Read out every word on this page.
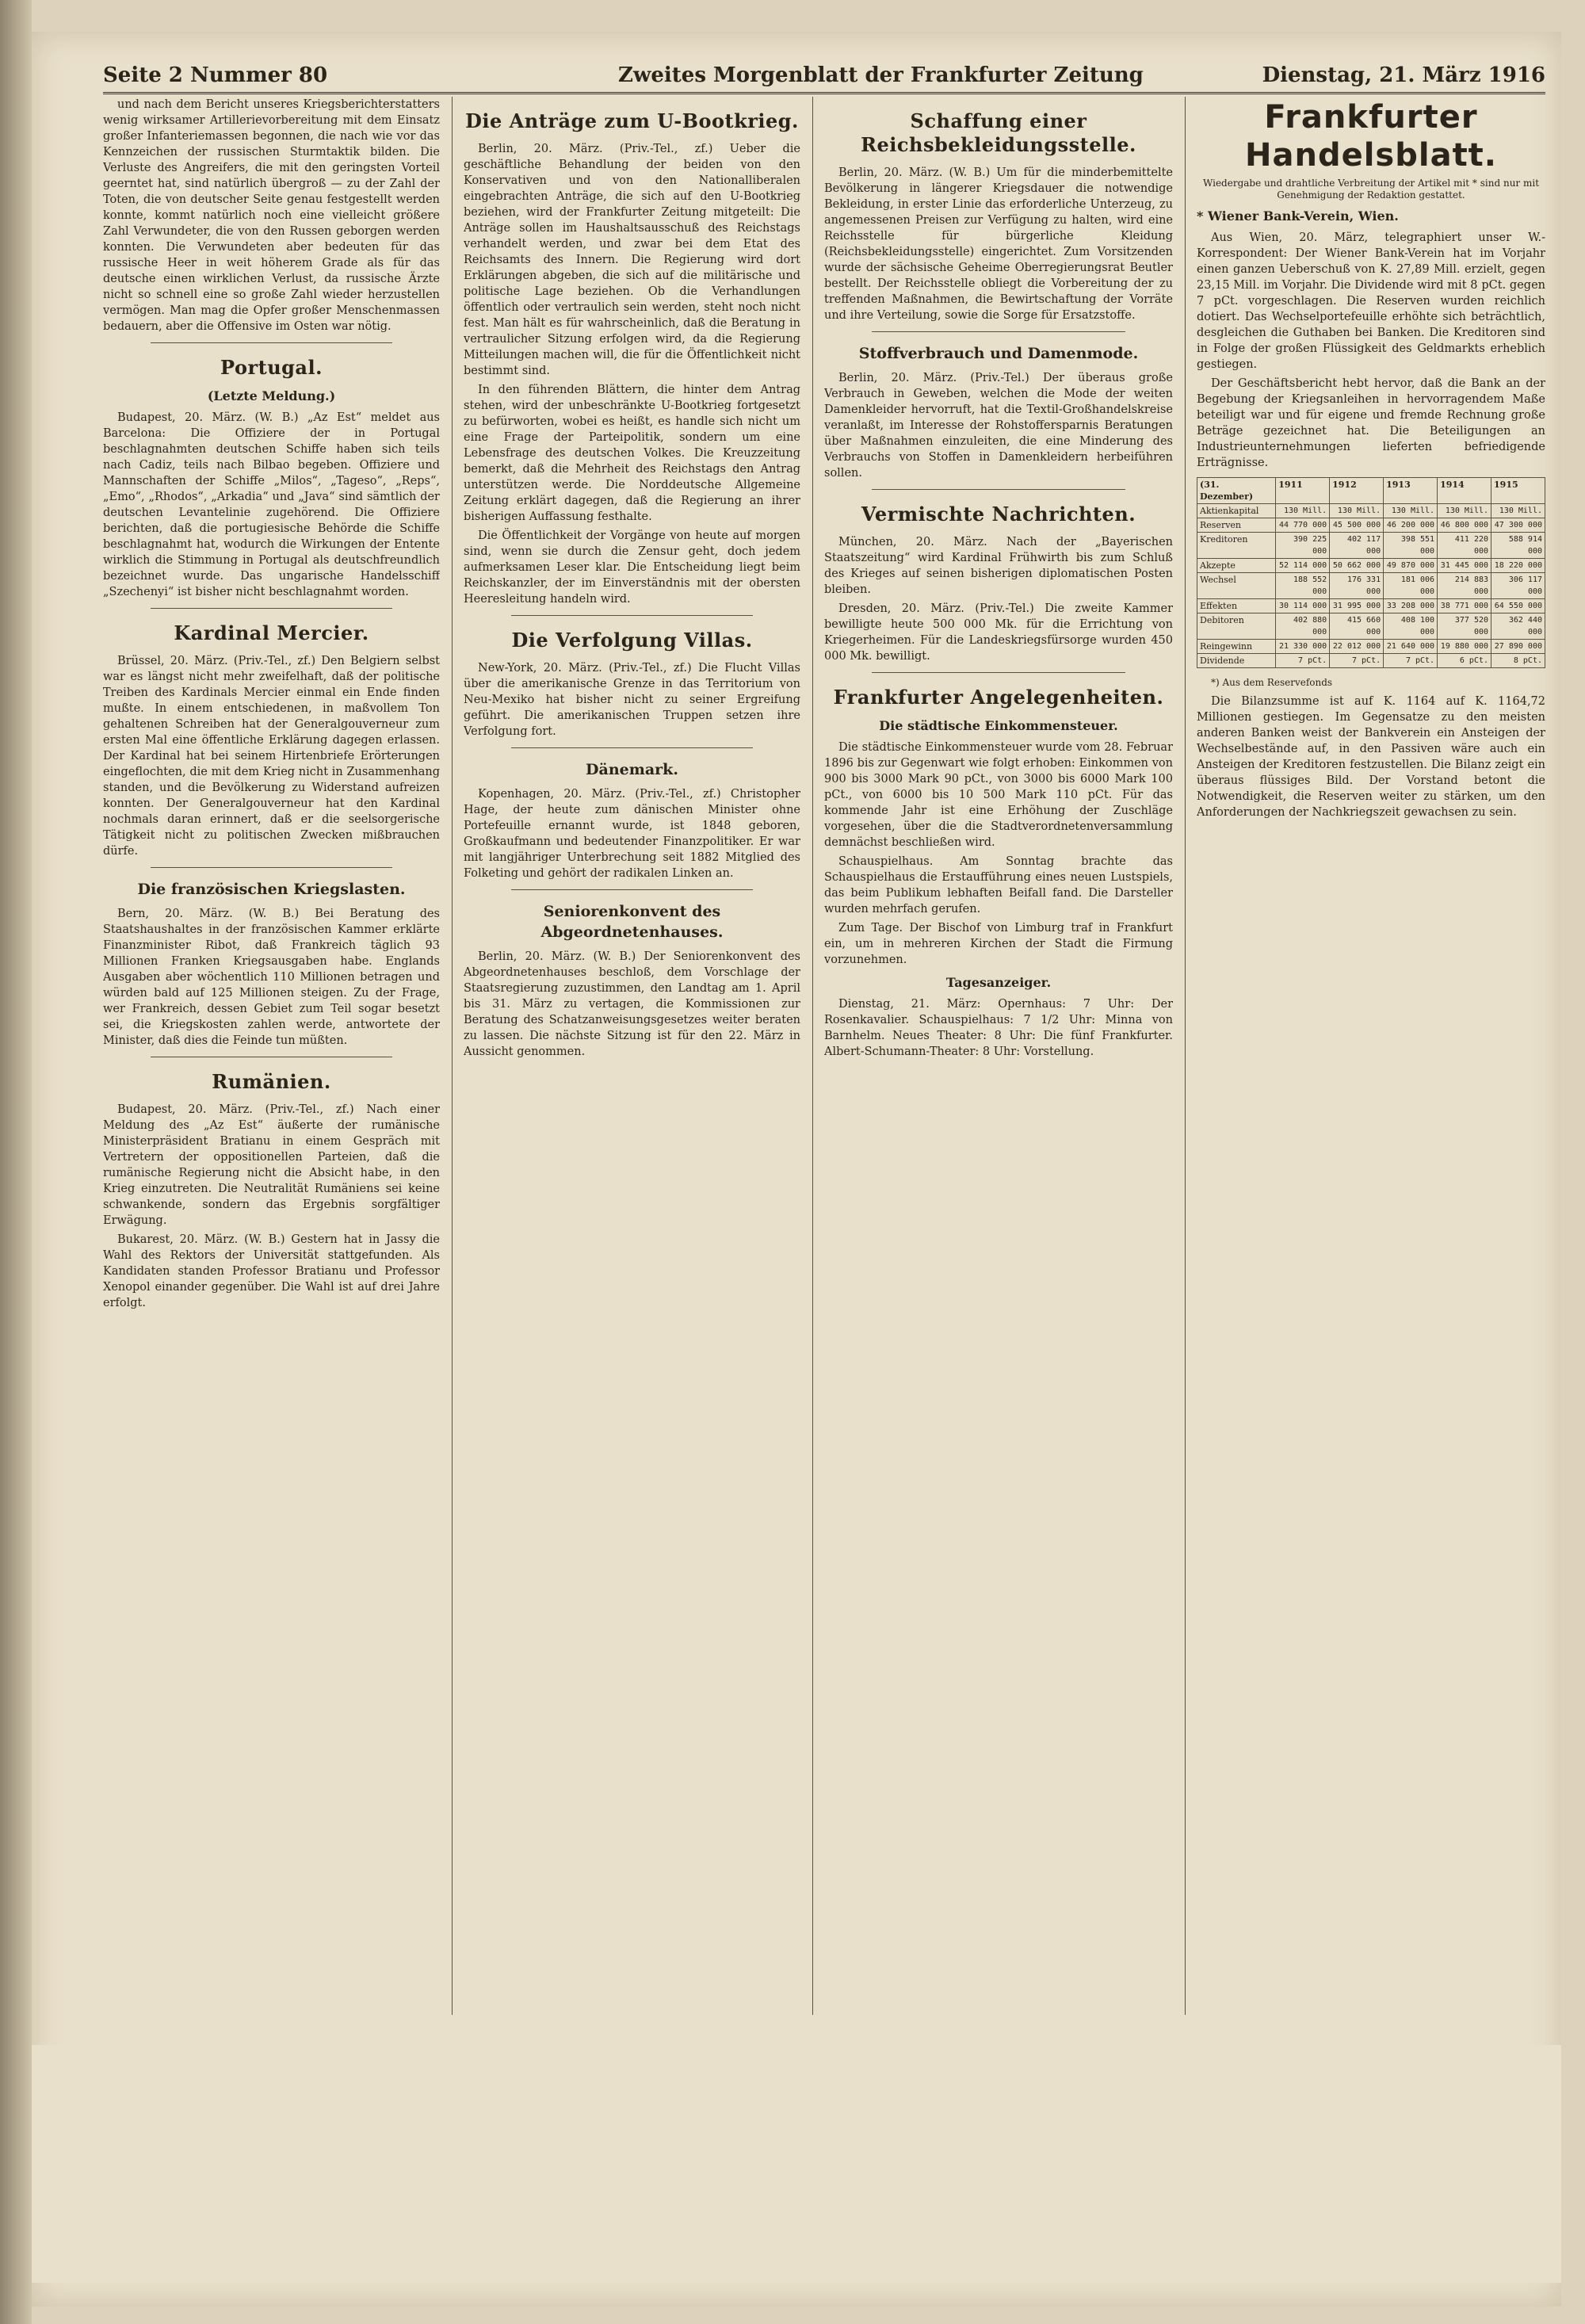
Seite 2 Nummer 80	Zweites Morgenblatt der Frankfurter Zeitung	Dienstag, 21. März 1916

und nach dem Bericht unseres Kriegsberichterstatters wenig wirksamer Artillerievorbereitung mit dem Einsatz großer Infanteriemassen begonnen, die nach wie vor das Kennzeichen der russischen Sturmtaktik bilden. Die Verluste des Angreifers, die mit den geringsten Vorteil geerntet hat, sind natürlich übergroß — zu der Zahl der Toten, die von deutscher Seite genau festgestellt werden konnte, kommt natürlich noch eine vielleicht größere Zahl Verwundeter, die von den Russen geborgen werden konnten. Die Verwundeten aber bedeuten für das russische Heer in weit höherem Grade als für das deutsche einen wirklichen Verlust, da russische Ärzte nicht so schnell eine so große Zahl wieder herzustellen vermögen. Man mag die Opfer großer Menschenmassen bedauern, aber die Offensive im Osten war nötig.

Portugal.
(Letzte Meldung.)

Budapest, 20. März. (W. B.) „Az Est“ meldet aus Barcelona: Die Offiziere der in Portugal beschlagnahmten deutschen Schiffe haben sich teils nach Cadiz, teils nach Bilbao begeben. Offiziere und Mannschaften der Schiffe „Milos“, „Tageso“, „Reps“, „Emo“, „Rhodos“, „Arkadia“ und „Java“ sind sämtlich der deutschen Levantelinie zugehörend. Die Offiziere berichten, daß die portugiesische Behörde die Schiffe beschlagnahmt hat, wodurch die Wirkungen der Entente wirklich die Stimmung in Portugal als deutschfreundlich bezeichnet wurde. Das ungarische Handelsschiff „Szechenyi“ ist bisher nicht beschlagnahmt worden.

Kardinal Mercier.

Brüssel, 20. März. (Priv.-Tel., zf.) Den Belgiern selbst war es längst nicht mehr zweifelhaft, daß der politische Treiben des Kardinals Mercier einmal ein Ende finden mußte. In einem entschiedenen, in maßvollem Ton gehaltenen Schreiben hat der Generalgouverneur zum ersten Mal eine öffentliche Erklärung dagegen erlassen. Der Kardinal hat bei seinem Hirtenbriefe Erörterungen eingeflochten, die mit dem Krieg nicht in Zusammenhang standen, und die Bevölkerung zu Widerstand aufreizen konnten. Der Generalgouverneur hat den Kardinal nochmals daran erinnert, daß er die seelsorgerische Tätigkeit nicht zu politischen Zwecken mißbrauchen dürfe.

Die französischen Kriegslasten.

Bern, 20. März. (W. B.) Bei Beratung des Staatshaushaltes in der französischen Kammer erklärte Finanzminister Ribot, daß Frankreich täglich 93 Millionen Franken Kriegsausgaben habe. Englands Ausgaben aber wöchentlich 110 Millionen betragen und würden bald auf 125 Millionen steigen. Zu der Frage, wer Frankreich, dessen Gebiet zum Teil sogar besetzt sei, die Kriegskosten zahlen werde, antwortete der Minister, daß dies die Feinde tun müßten.

Rumänien.

Budapest, 20. März. (Priv.-Tel., zf.) Nach einer Meldung des „Az Est“ äußerte der rumänische Ministerpräsident Bratianu in einem Gespräch mit Vertretern der oppositionellen Parteien, daß die rumänische Regierung nicht die Absicht habe, in den Krieg einzutreten. Die Neutralität Rumäniens sei keine schwankende, sondern das Ergebnis sorgfältiger Erwägung.

Bukarest, 20. März. (W. B.) Gestern hat in Jassy die Wahl des Rektors der Universität stattgefunden. Als Kandidaten standen Professor Bratianu und Professor Xenopol einander gegenüber. Die Wahl ist auf drei Jahre erfolgt.

Die Anträge zum U-Bootkrieg.

Berlin, 20. März. (Priv.-Tel., zf.) Ueber die geschäftliche Behandlung der beiden von den Konservativen und von den Nationalliberalen eingebrachten Anträge, die sich auf den U-Bootkrieg beziehen, wird der Frankfurter Zeitung mitgeteilt: Die Anträge sollen im Haushaltsausschuß des Reichstags verhandelt werden, und zwar bei dem Etat des Reichsamts des Innern. Die Regierung wird dort Erklärungen abgeben, die sich auf die militärische und politische Lage beziehen. Ob die Verhandlungen öffentlich oder vertraulich sein werden, steht noch nicht fest. Man hält es für wahrscheinlich, daß die Beratung in vertraulicher Sitzung erfolgen wird, da die Regierung Mitteilungen machen will, die für die Öffentlichkeit nicht bestimmt sind.

In den führenden Blättern, die hinter dem Antrag stehen, wird der unbeschränkte U-Bootkrieg fortgesetzt zu befürworten, wobei es heißt, es handle sich nicht um eine Frage der Parteipolitik, sondern um eine Lebensfrage des deutschen Volkes. Die Kreuzzeitung bemerkt, daß die Mehrheit des Reichstags den Antrag unterstützen werde. Die Norddeutsche Allgemeine Zeitung erklärt dagegen, daß die Regierung an ihrer bisherigen Auffassung festhalte.

Die Öffentlichkeit der Vorgänge von heute auf morgen sind, wenn sie durch die Zensur geht, doch jedem aufmerksamen Leser klar. Die Entscheidung liegt beim Reichskanzler, der im Einverständnis mit der obersten Heeresleitung handeln wird.

Die Verfolgung Villas.

New-York, 20. März. (Priv.-Tel., zf.) Die Flucht Villas über die amerikanische Grenze in das Territorium von Neu-Mexiko hat bisher nicht zu seiner Ergreifung geführt. Die amerikanischen Truppen setzen ihre Verfolgung fort.

Dänemark.

Kopenhagen, 20. März. (Priv.-Tel., zf.) Christopher Hage, der heute zum dänischen Minister ohne Portefeuille ernannt wurde, ist 1848 geboren, Großkaufmann und bedeutender Finanzpolitiker. Er war mit langjähriger Unterbrechung seit 1882 Mitglied des Folketing und gehört der radikalen Linken an.

Seniorenkonvent des Abgeordnetenhauses.

Berlin, 20. März. (W. B.) Der Seniorenkonvent des Abgeordnetenhauses beschloß, dem Vorschlage der Staatsregierung zuzustimmen, den Landtag am 1. April bis 31. März zu vertagen, die Kommissionen zur Beratung des Schatzanweisungsgesetzes weiter beraten zu lassen. Die nächste Sitzung ist für den 22. März in Aussicht genommen.

Schaffung einer Reichsbekleidungsstelle.

Berlin, 20. März. (W. B.) Um für die minderbemittelte Bevölkerung in längerer Kriegsdauer die notwendige Bekleidung, in erster Linie das erforderliche Unterzeug, zu angemessenen Preisen zur Verfügung zu halten, wird eine Reichsstelle für bürgerliche Kleidung (Reichsbekleidungsstelle) eingerichtet. Zum Vorsitzenden wurde der sächsische Geheime Oberregierungsrat Beutler bestellt. Der Reichsstelle obliegt die Vorbereitung der zu treffenden Maßnahmen, die Bewirtschaftung der Vorräte und ihre Verteilung, sowie die Sorge für Ersatzstoffe.

Stoffverbrauch und Damenmode.

Berlin, 20. März. (Priv.-Tel.) Der überaus große Verbrauch in Geweben, welchen die Mode der weiten Damenkleider hervorruft, hat die Textil-Großhandelskreise veranlaßt, im Interesse der Rohstoffersparnis Beratungen über Maßnahmen einzuleiten, die eine Minderung des Verbrauchs von Stoffen in Damenkleidern herbeiführen sollen.

Vermischte Nachrichten.

München, 20. März. Nach der „Bayerischen Staatszeitung“ wird Kardinal Frühwirth bis zum Schluß des Krieges auf seinen bisherigen diplomatischen Posten bleiben.

Dresden, 20. März. (Priv.-Tel.) Die zweite Kammer bewilligte heute 500 000 Mk. für die Errichtung von Kriegerheimen. Für die Landeskriegsfürsorge wurden 450 000 Mk. bewilligt.

Frankfurter Angelegenheiten.
Die städtische Einkommensteuer.

Die städtische Einkommensteuer wurde vom 28. Februar 1896 bis zur Gegenwart wie folgt erhoben: Einkommen von 900 bis 3000 Mark 90 pCt., von 3000 bis 6000 Mark 100 pCt., von 6000 bis 10 500 Mark 110 pCt. Für das kommende Jahr ist eine Erhöhung der Zuschläge vorgesehen, über die die Stadtverordnetenversammlung demnächst beschließen wird.

Schauspielhaus. Am Sonntag brachte das Schauspielhaus die Erstaufführung eines neuen Lustspiels, das beim Publikum lebhaften Beifall fand. Die Darsteller wurden mehrfach gerufen.

Zum Tage. Der Bischof von Limburg traf in Frankfurt ein, um in mehreren Kirchen der Stadt die Firmung vorzunehmen.

Tagesanzeiger.

Dienstag, 21. März: Opernhaus: 7 Uhr: Der Rosenkavalier. Schauspielhaus: 7 1/2 Uhr: Minna von Barnhelm. Neues Theater: 8 Uhr: Die fünf Frankfurter. Albert-Schumann-Theater: 8 Uhr: Vorstellung.

Frankfurter Handelsblatt.
Wiedergabe und drahtliche Verbreitung der Artikel mit * sind nur mit Genehmigung der Redaktion gestattet.
* Wiener Bank-Verein, Wien.

Aus Wien, 20. März, telegraphiert unser W.-Korrespondent: Der Wiener Bank-Verein hat im Vorjahr einen ganzen Ueberschuß von K. 27,89 Mill. erzielt, gegen 23,15 Mill. im Vorjahr. Die Dividende wird mit 8 pCt. gegen 7 pCt. vorgeschlagen. Die Reserven wurden reichlich dotiert. Das Wechselportefeuille erhöhte sich beträchtlich, desgleichen die Guthaben bei Banken. Die Kreditoren sind in Folge der großen Flüssigkeit des Geldmarkts erheblich gestiegen.

Der Geschäftsbericht hebt hervor, daß die Bank an der Begebung der Kriegsanleihen in hervorragendem Maße beteiligt war und für eigene und fremde Rechnung große Beträge gezeichnet hat. Die Beteiligungen an Industrieunternehmungen lieferten befriedigende Erträgnisse.

(31. Dezember)	1911	1912	1913	1914	1915
Aktienkapital	130 Mill.	130 Mill.	130 Mill.	130 Mill.	130 Mill.
Reserven	44 770 000	45 500 000	46 200 000	46 800 000	47 300 000
Kreditoren	390 225 000	402 117 000	398 551 000	411 220 000	588 914 000
Akzepte	52 114 000	50 662 000	49 870 000	31 445 000	18 220 000
Wechsel	188 552 000	176 331 000	181 006 000	214 883 000	306 117 000
Effekten	30 114 000	31 995 000	33 208 000	38 771 000	64 550 000
Debitoren	402 880 000	415 660 000	408 100 000	377 520 000	362 440 000
Reingewinn	21 330 000	22 012 000	21 640 000	19 880 000	27 890 000
Dividende	7 pCt.	7 pCt.	7 pCt.	6 pCt.	8 pCt.

*) Aus dem Reservefonds

Die Bilanzsumme ist auf K. 1164 auf K. 1164,72 Millionen gestiegen. Im Gegensatze zu den meisten anderen Banken weist der Bankverein ein Ansteigen der Wechselbestände auf, in den Passiven wäre auch ein Ansteigen der Kreditoren festzustellen. Die Bilanz zeigt ein überaus flüssiges Bild. Der Vorstand betont die Notwendigkeit, die Reserven weiter zu stärken, um den Anforderungen der Nachkriegszeit gewachsen zu sein.
